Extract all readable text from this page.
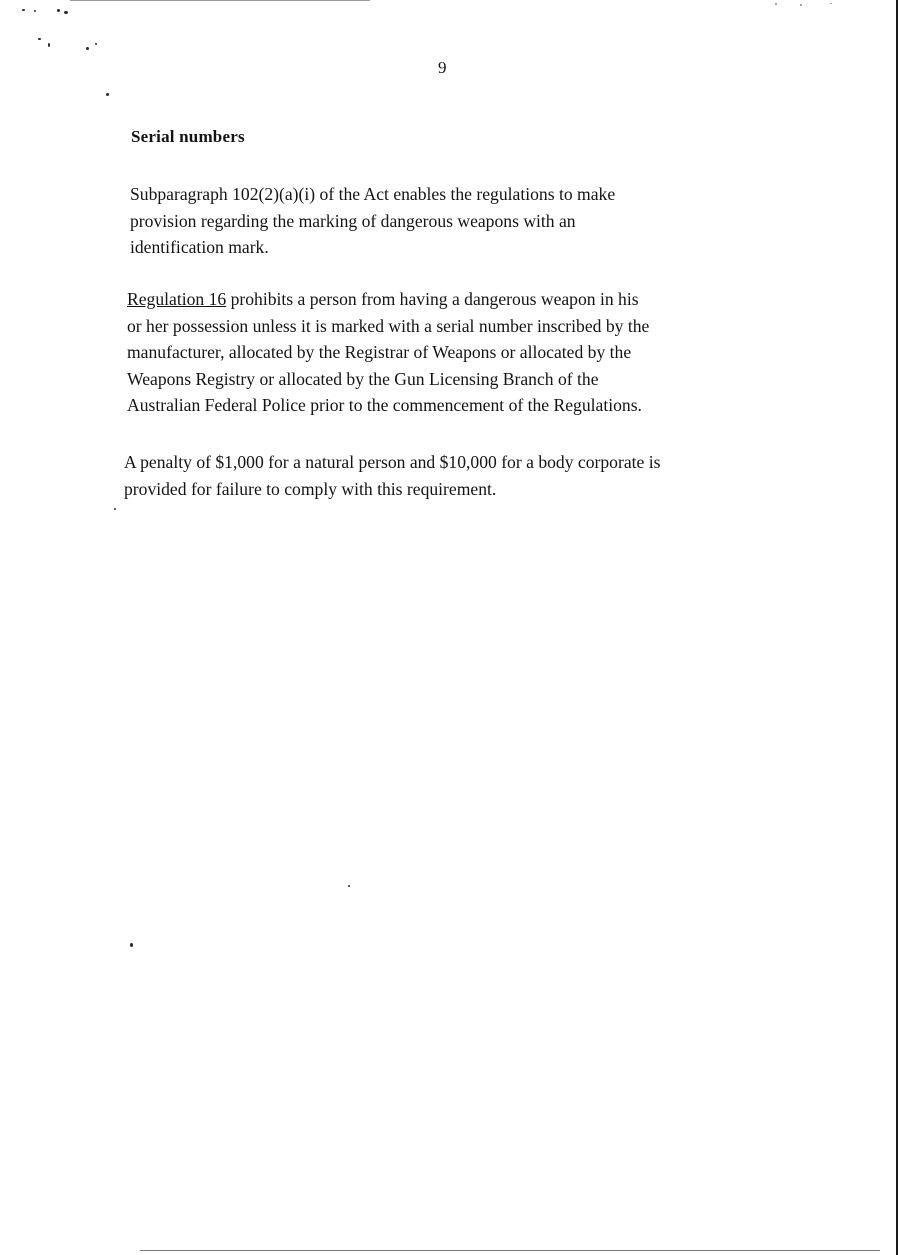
9
Serial numbers

Subparagraph 102(2)(a)(i) of the Act enables the regulations to make
provision regarding the marking of dangerous weapons with an
identification mark.

Regulation 16 prohibits a person from having a dangerous weapon in his
or her possession unless it is marked with a serial number inscribed by the
manufacturer, allocated by the Registrar of Weapons or allocated by the
Weapons Registry or allocated by the Gun Licensing Branch of the
Australian Federal Police prior to the commencement of the Regulations.

A penalty of $1,000 for a natural person and $10,000 for a body corporate is
provided for failure to comply with this requirement.
